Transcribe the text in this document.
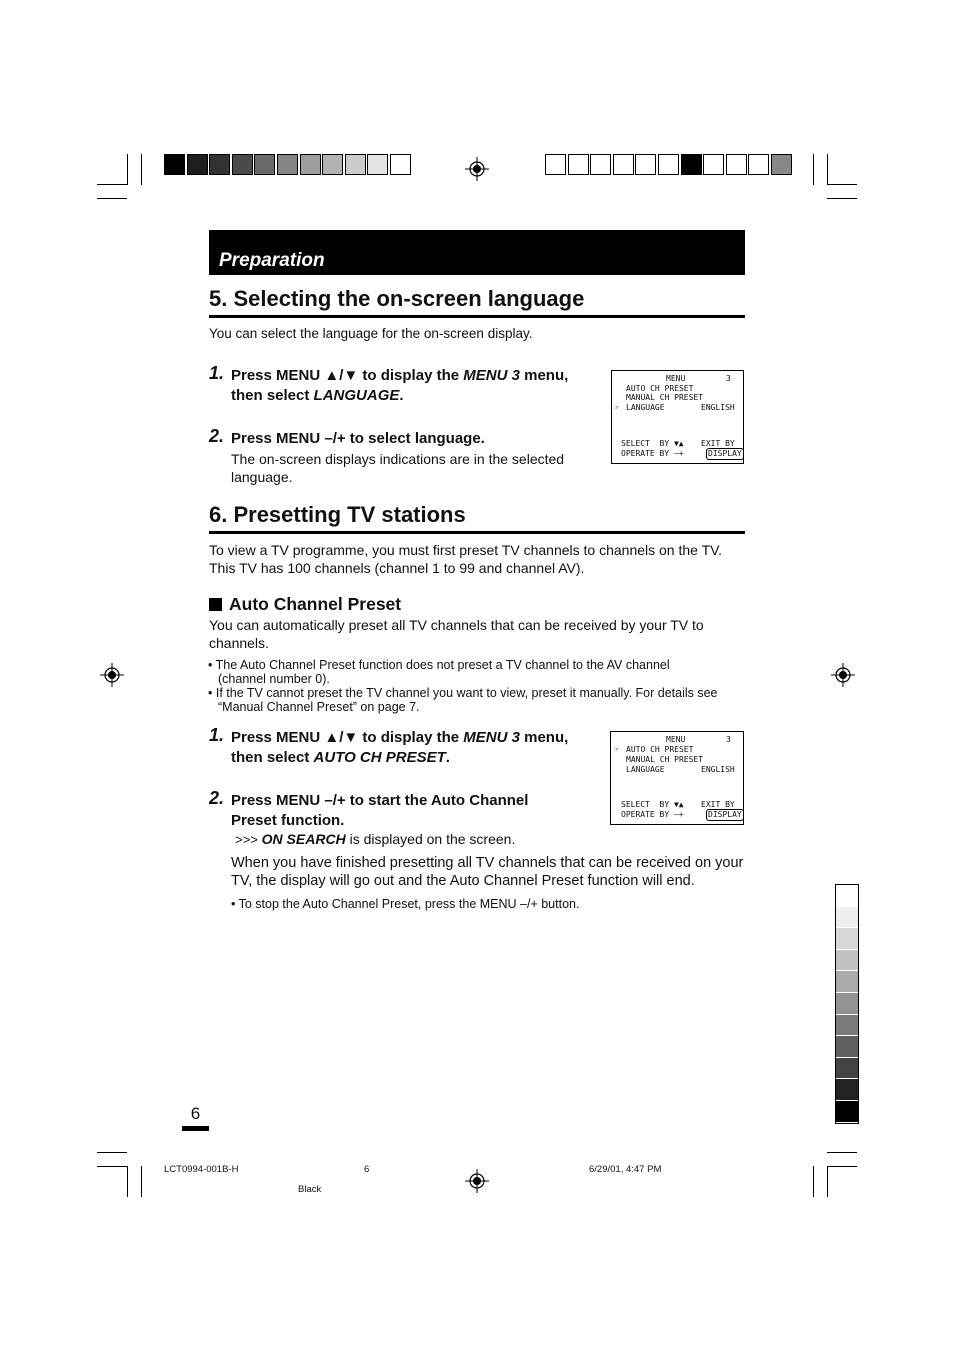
Preparation
5. Selecting the on-screen language
You can select the language for the on-screen display.
1. Press MENU ▲/▼ to display the MENU 3 menu,
then select LANGUAGE.
2. Press MENU –/+ to select language.
The on-screen displays indications are in the selected language.

MENU

	3

AUTO CH PRESET

MANUAL CH PRESET

☞

LANGUAGE

	ENGLISH

SELECT  BY ▼▲

EXIT BY

OPERATE BY –+

	DISPLAY

6. Presetting TV stations
To view a TV programme, you must first preset TV channels to channels on the TV.
This TV has 100 channels (channel 1 to 99 and channel AV).
Auto Channel Preset
You can automatically preset all TV channels that can be received by your TV to
channels.
• The Auto Channel Preset function does not preset a TV channel to the AV channel
(channel number 0).
• If the TV cannot preset the TV channel you want to view, preset it manually. For details see
“Manual Channel Preset” on page 7.
1. Press MENU ▲/▼ to display the MENU 3 menu,
then select AUTO CH PRESET.
2. Press MENU –/+ to start the Auto Channel
Preset function.
>>> ON SEARCH is displayed on the screen.
When you have finished presetting all TV channels that can be received on your
TV, the display will go out and the Auto Channel Preset function will end.
• To stop the Auto Channel Preset, press the MENU –/+ button.

MENU

	3

☞

AUTO CH PRESET

MANUAL CH PRESET

LANGUAGE

	ENGLISH

SELECT  BY ▼▲

EXIT BY

OPERATE BY –+

	DISPLAY

6
LCT0994-001B-H	6	6/29/01, 4:47 PM
Black
